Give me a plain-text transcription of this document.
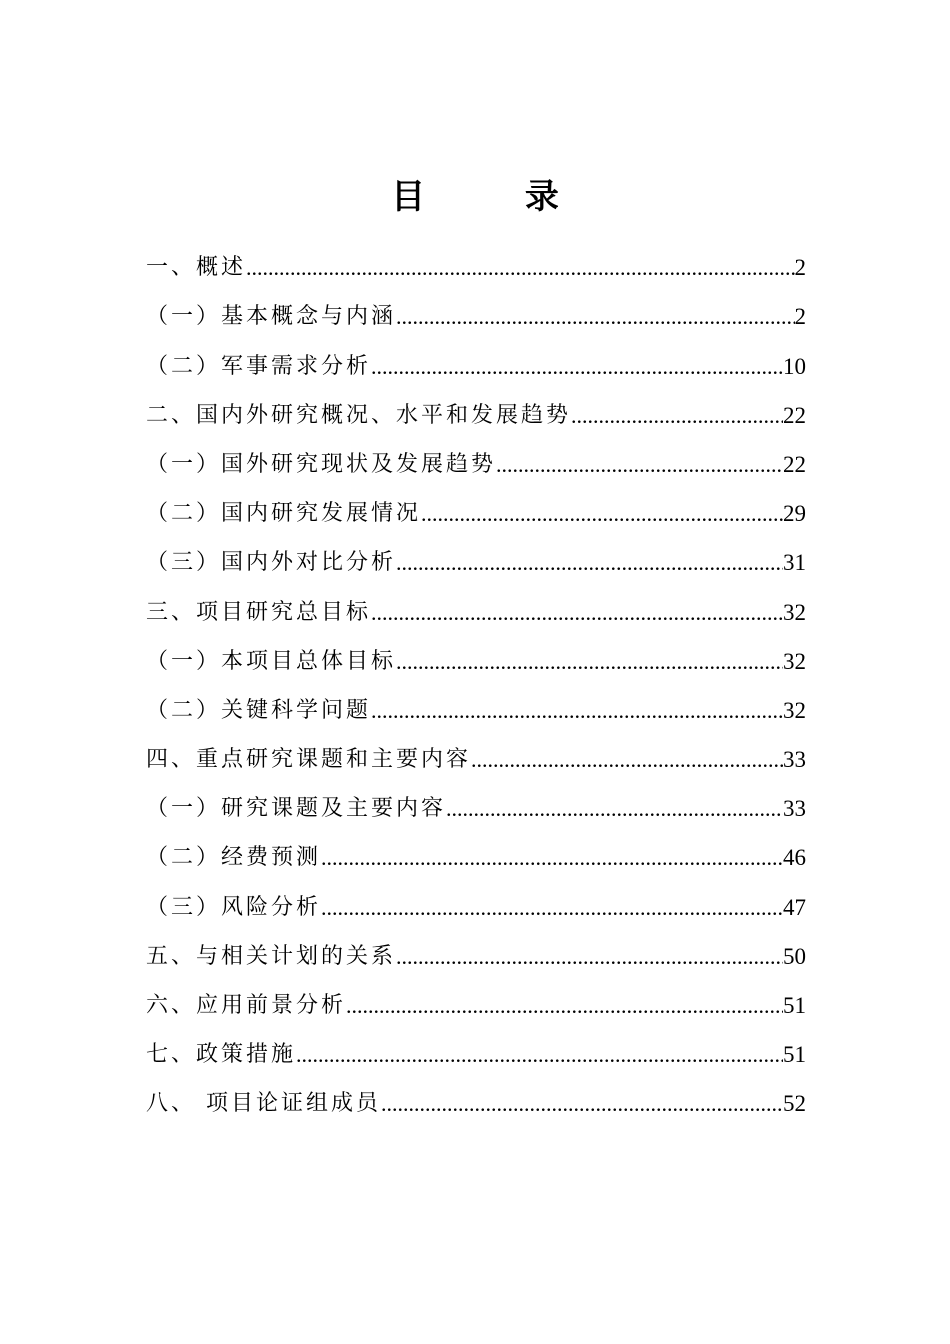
目 录
一、概述 .....	2
（一）基本概念与内涵 .....	2
（二）军事需求分析 .....	10
二、国内外研究概况、水平和发展趋势 .....	22
（一）国外研究现状及发展趋势 .....	22
（二）国内研究发展情况 .....	29
（三）国内外对比分析 .....	31
三、项目研究总目标 .....	32
（一）本项目总体目标 .....	32
（二）关键科学问题 .....	32
四、重点研究课题和主要内容 .....	33
（一）研究课题及主要内容 .....	33
（二）经费预测 .....	46
（三）风险分析 .....	47
五、与相关计划的关系 .....	50
六、应用前景分析 .....	51
七、政策措施 .....	51
八、 项目论证组成员 .....	52
